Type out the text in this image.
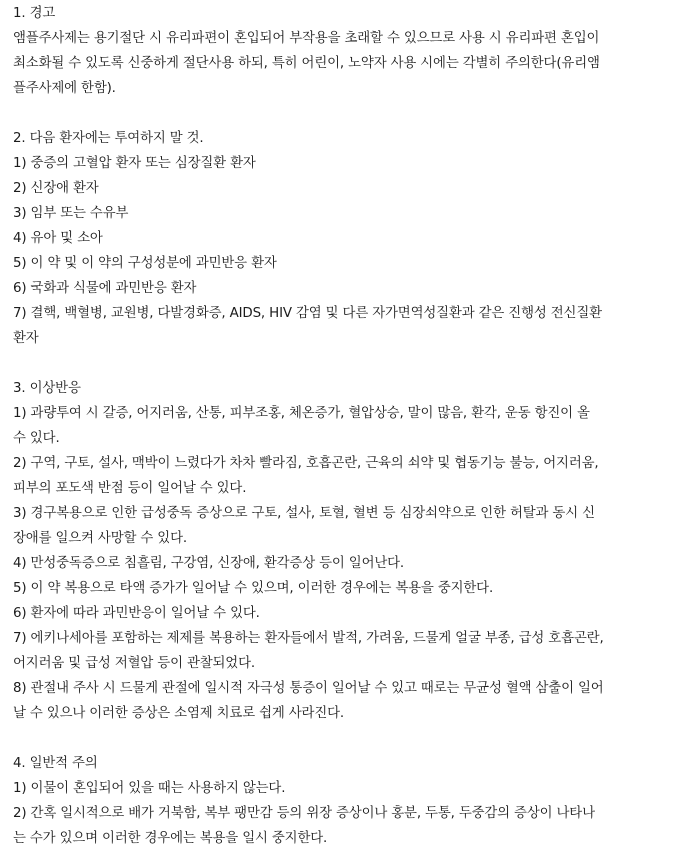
1. 경고
앰플주사제는 용기절단 시 유리파편이 혼입되어 부작용을 초래할 수 있으므로 사용 시 유리파편 혼입이
최소화될 수 있도록 신중하게 절단사용 하되, 특히 어린이, 노약자 사용 시에는 각별히 주의한다(유리앰
플주사제에 한함).
2. 다음 환자에는 투여하지 말 것.
1) 중증의 고혈압 환자 또는 심장질환 환자
2) 신장애 환자
3) 임부 또는 수유부
4) 유아 및 소아
5) 이 약 및 이 약의 구성성분에 과민반응 환자
6) 국화과 식물에 과민반응 환자
7) 결핵, 백혈병, 교원병, 다발경화증, AIDS, HIV 감염 및 다른 자가면역성질환과 같은 진행성 전신질환
환자
3. 이상반응
1) 과량투여 시 갈증, 어지러움, 산통, 피부조홍, 체온증가, 혈압상승, 말이 많음, 환각, 운동 항진이 올
수 있다.
2) 구역, 구토, 설사, 맥박이 느렸다가 차차 빨라짐, 호흡곤란, 근육의 쇠약 및 협동기능 불능, 어지러움,
피부의 포도색 반점 등이 일어날 수 있다.
3) 경구복용으로 인한 급성중독 증상으로 구토, 설사, 토혈, 혈변 등 심장쇠약으로 인한 허탈과 동시 신
장애를 일으켜 사망할 수 있다.
4) 만성중독증으로 침흘림, 구강염, 신장애, 환각증상 등이 일어난다.
5) 이 약 복용으로 타액 증가가 일어날 수 있으며, 이러한 경우에는 복용을 중지한다.
6) 환자에 따라 과민반응이 일어날 수 있다.
7) 에키나세아를 포함하는 제제를 복용하는 환자들에서 발적, 가려움, 드물게 얼굴 부종, 급성 호흡곤란,
어지러움 및 급성 저혈압 등이 관찰되었다.
8) 관절내 주사 시 드물게 관절에 일시적 자극성 통증이 일어날 수 있고 때로는 무균성 혈액 삼출이 일어
날 수 있으나 이러한 증상은 소염제 치료로 쉽게 사라진다.
4. 일반적 주의
1) 이물이 혼입되어 있을 때는 사용하지 않는다.
2) 간혹 일시적으로 배가 거북함, 복부 팽만감 등의 위장 증상이나 홍분, 두통, 두중감의 증상이 나타나
는 수가 있으며 이러한 경우에는 복용을 일시 중지한다.
